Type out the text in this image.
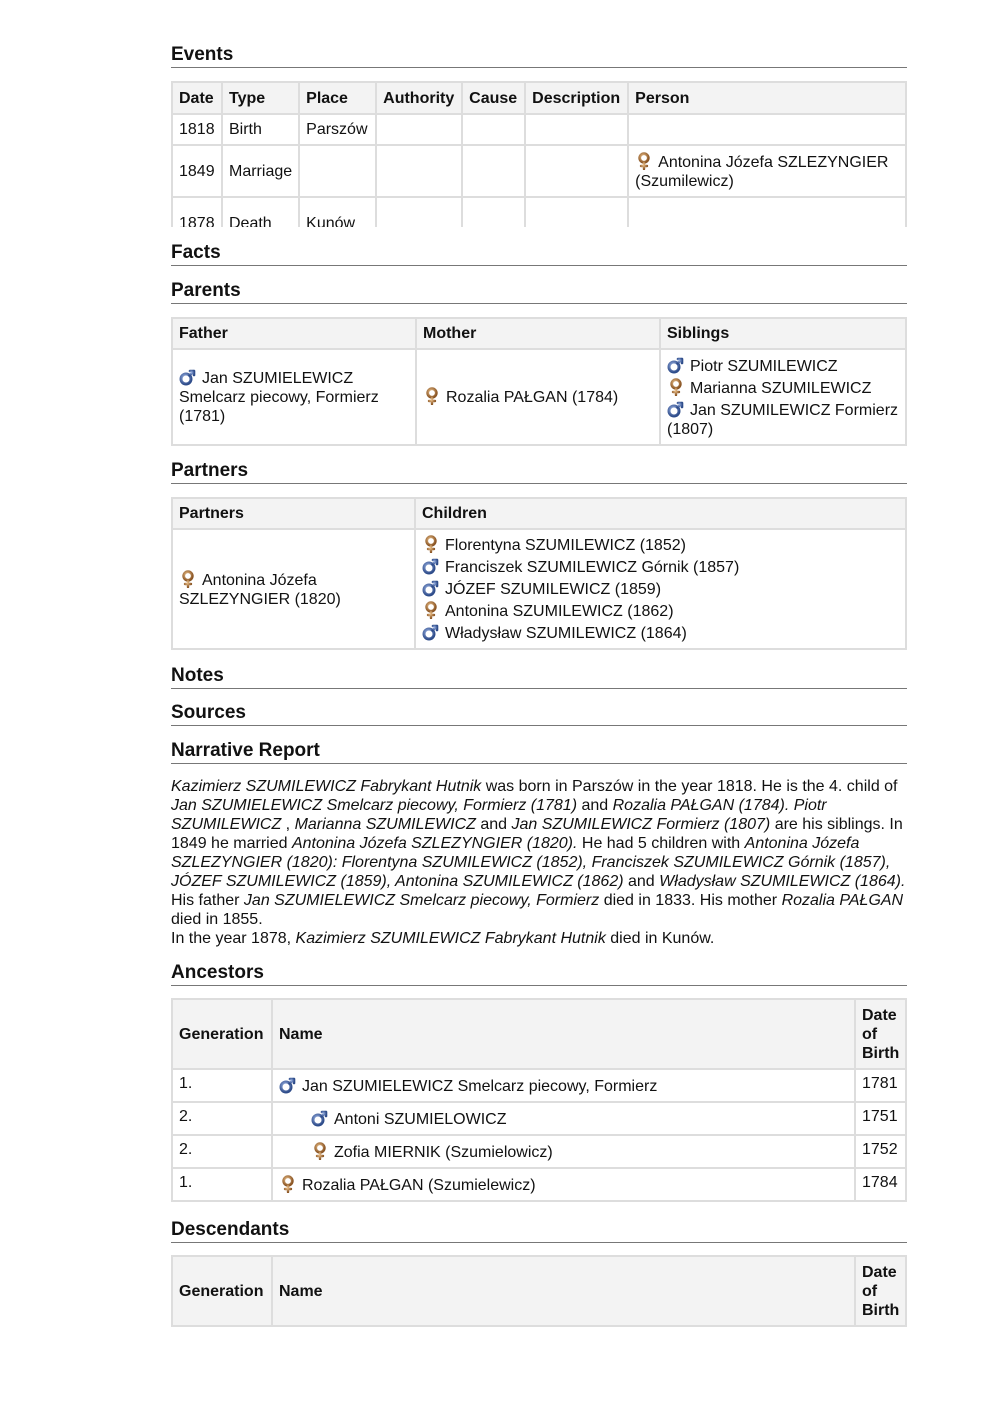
Events
Date	Type	Place	Authority	Cause	Description	Person
1818	Birth	Parszów				
1849	Marriage					Antonina Józefa SZLEZYNGIER (Szumilewicz)
1878	Death	Kunów				
Facts
Parents
Father	Mother	Siblings
Jan SZUMIELEWICZ Smelcarz piecowy, Formierz (1781)	Rozalia PAŁGAN (1784)	Piotr SZUMILEWICZ
Marianna SZUMILEWICZ
Jan SZUMILEWICZ Formierz (1807)
Partners
Partners	Children
Antonina Józefa SZLEZYNGIER (1820)	Florentyna SZUMILEWICZ (1852)
Franciszek SZUMILEWICZ Górnik (1857)
JÓZEF SZUMILEWICZ (1859)
Antonina SZUMILEWICZ (1862)
Władysław SZUMILEWICZ (1864)
Notes
Sources
Narrative Report

Kazimierz SZUMILEWICZ Fabrykant Hutnik was born in Parszów in the year 1818. He is the 4. child of Jan SZUMIELEWICZ Smelcarz piecowy, Formierz (1781) and Rozalia PAŁGAN (1784). Piotr SZUMILEWICZ , Marianna SZUMILEWICZ and Jan SZUMILEWICZ Formierz (1807) are his siblings. In 1849 he married Antonina Józefa SZLEZYNGIER (1820). He had 5 children with Antonina Józefa SZLEZYNGIER (1820): Florentyna SZUMILEWICZ (1852), Franciszek SZUMILEWICZ Górnik (1857), JÓZEF SZUMILEWICZ (1859), Antonina SZUMILEWICZ (1862) and Władysław SZUMILEWICZ (1864). His father Jan SZUMIELEWICZ Smelcarz piecowy, Formierz died in 1833. His mother Rozalia PAŁGAN died in 1855.
In the year 1878, Kazimierz SZUMILEWICZ Fabrykant Hutnik died in Kunów.

Ancestors
Generation	Name	Date of Birth
1.	Jan SZUMIELEWICZ Smelcarz piecowy, Formierz	1781
2.	Antoni SZUMIELOWICZ	1751
2.	Zofia MIERNIK (Szumielowicz)	1752
1.	Rozalia PAŁGAN (Szumielewicz)	1784
Descendants
Generation	Name	Date of Birth
